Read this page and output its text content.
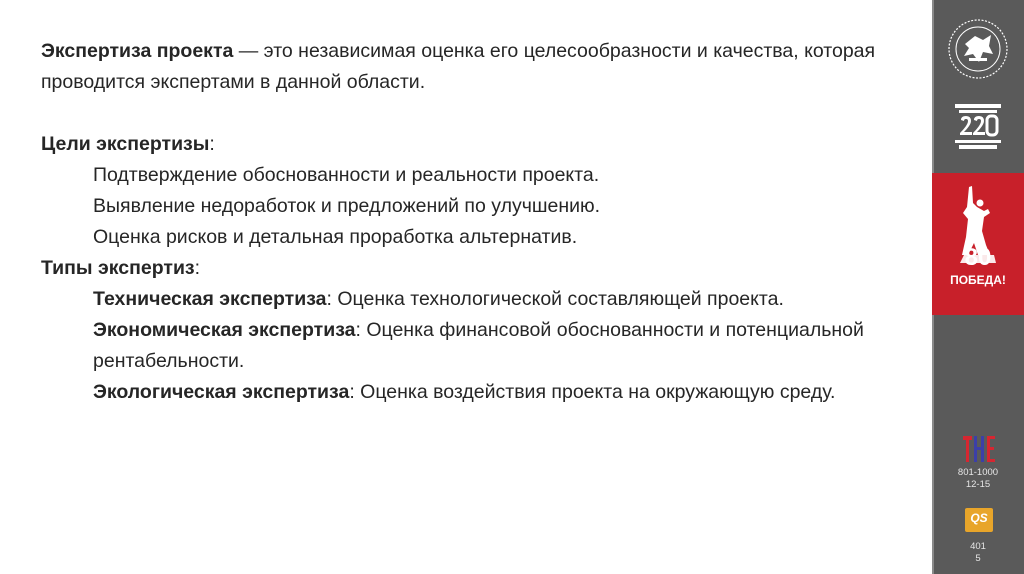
Экспертиза проекта — это независимая оценка его целесообразности и качества, которая проводится экспертами в данной области.

Цели экспертизы:

Подтверждение обоснованности и реальности проекта.

Выявление недоработок и предложений по улучшению.

Оценка рисков и детальная проработка альтернатив.

Типы экспертиз:

Техническая экспертиза: Оценка технологической составляющей проекта.

Экономическая экспертиза: Оценка финансовой обоснованности и потенциальной рентабельности.

Экологическая экспертиза: Оценка воздействия проекта на окружающую среду.

80
ПОБЕДА!
801-1000
12-15
QS
401
5
